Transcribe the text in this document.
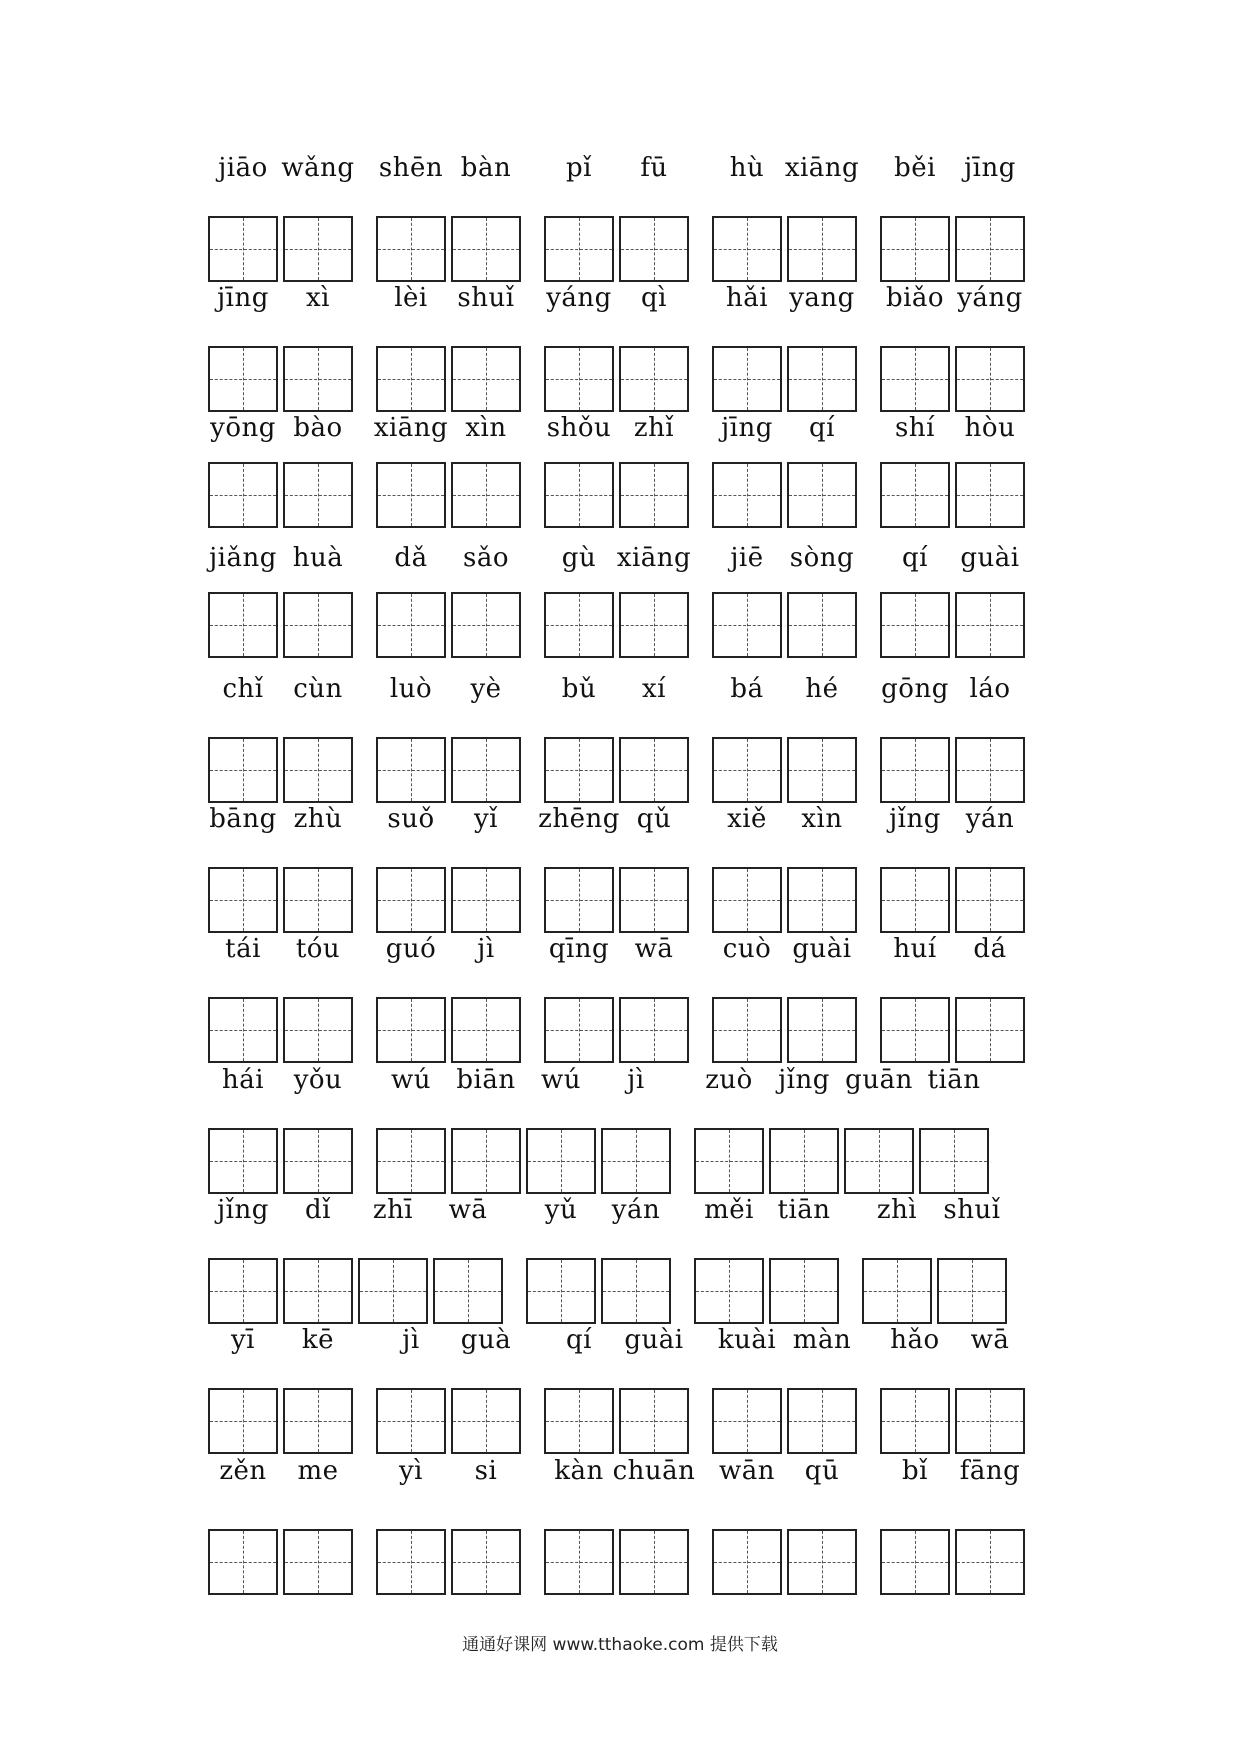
jiāo wǎng shēn bàn pǐ fū hù xiāng běi jīng
jīng xì lèi shuǐ yáng qì hǎi yang biǎo yáng
yōng bào xiāng xìn shǒu zhǐ jīng qí shí hòu
jiǎng huà dǎ sǎo gù xiāng jiē sòng qí guài
chǐ cùn luò yè bǔ xí bá hé gōng láo
bāng zhù suǒ yǐ zhēng qǔ xiě xìn jǐng yán
tái tóu guó jì qīng wā cuò guài huí dá
hái yǒu wú biān wú jì zuò jǐng guān tiān
jǐng dǐ zhī wā yǔ yán měi tiān zhì shuǐ
yī kē	jì guà qí guài kuài màn hǎo wā
zěn me yì si kàn chuān wān qū bǐ fāng
通通好课网 www.tthaoke.com 提供下载
